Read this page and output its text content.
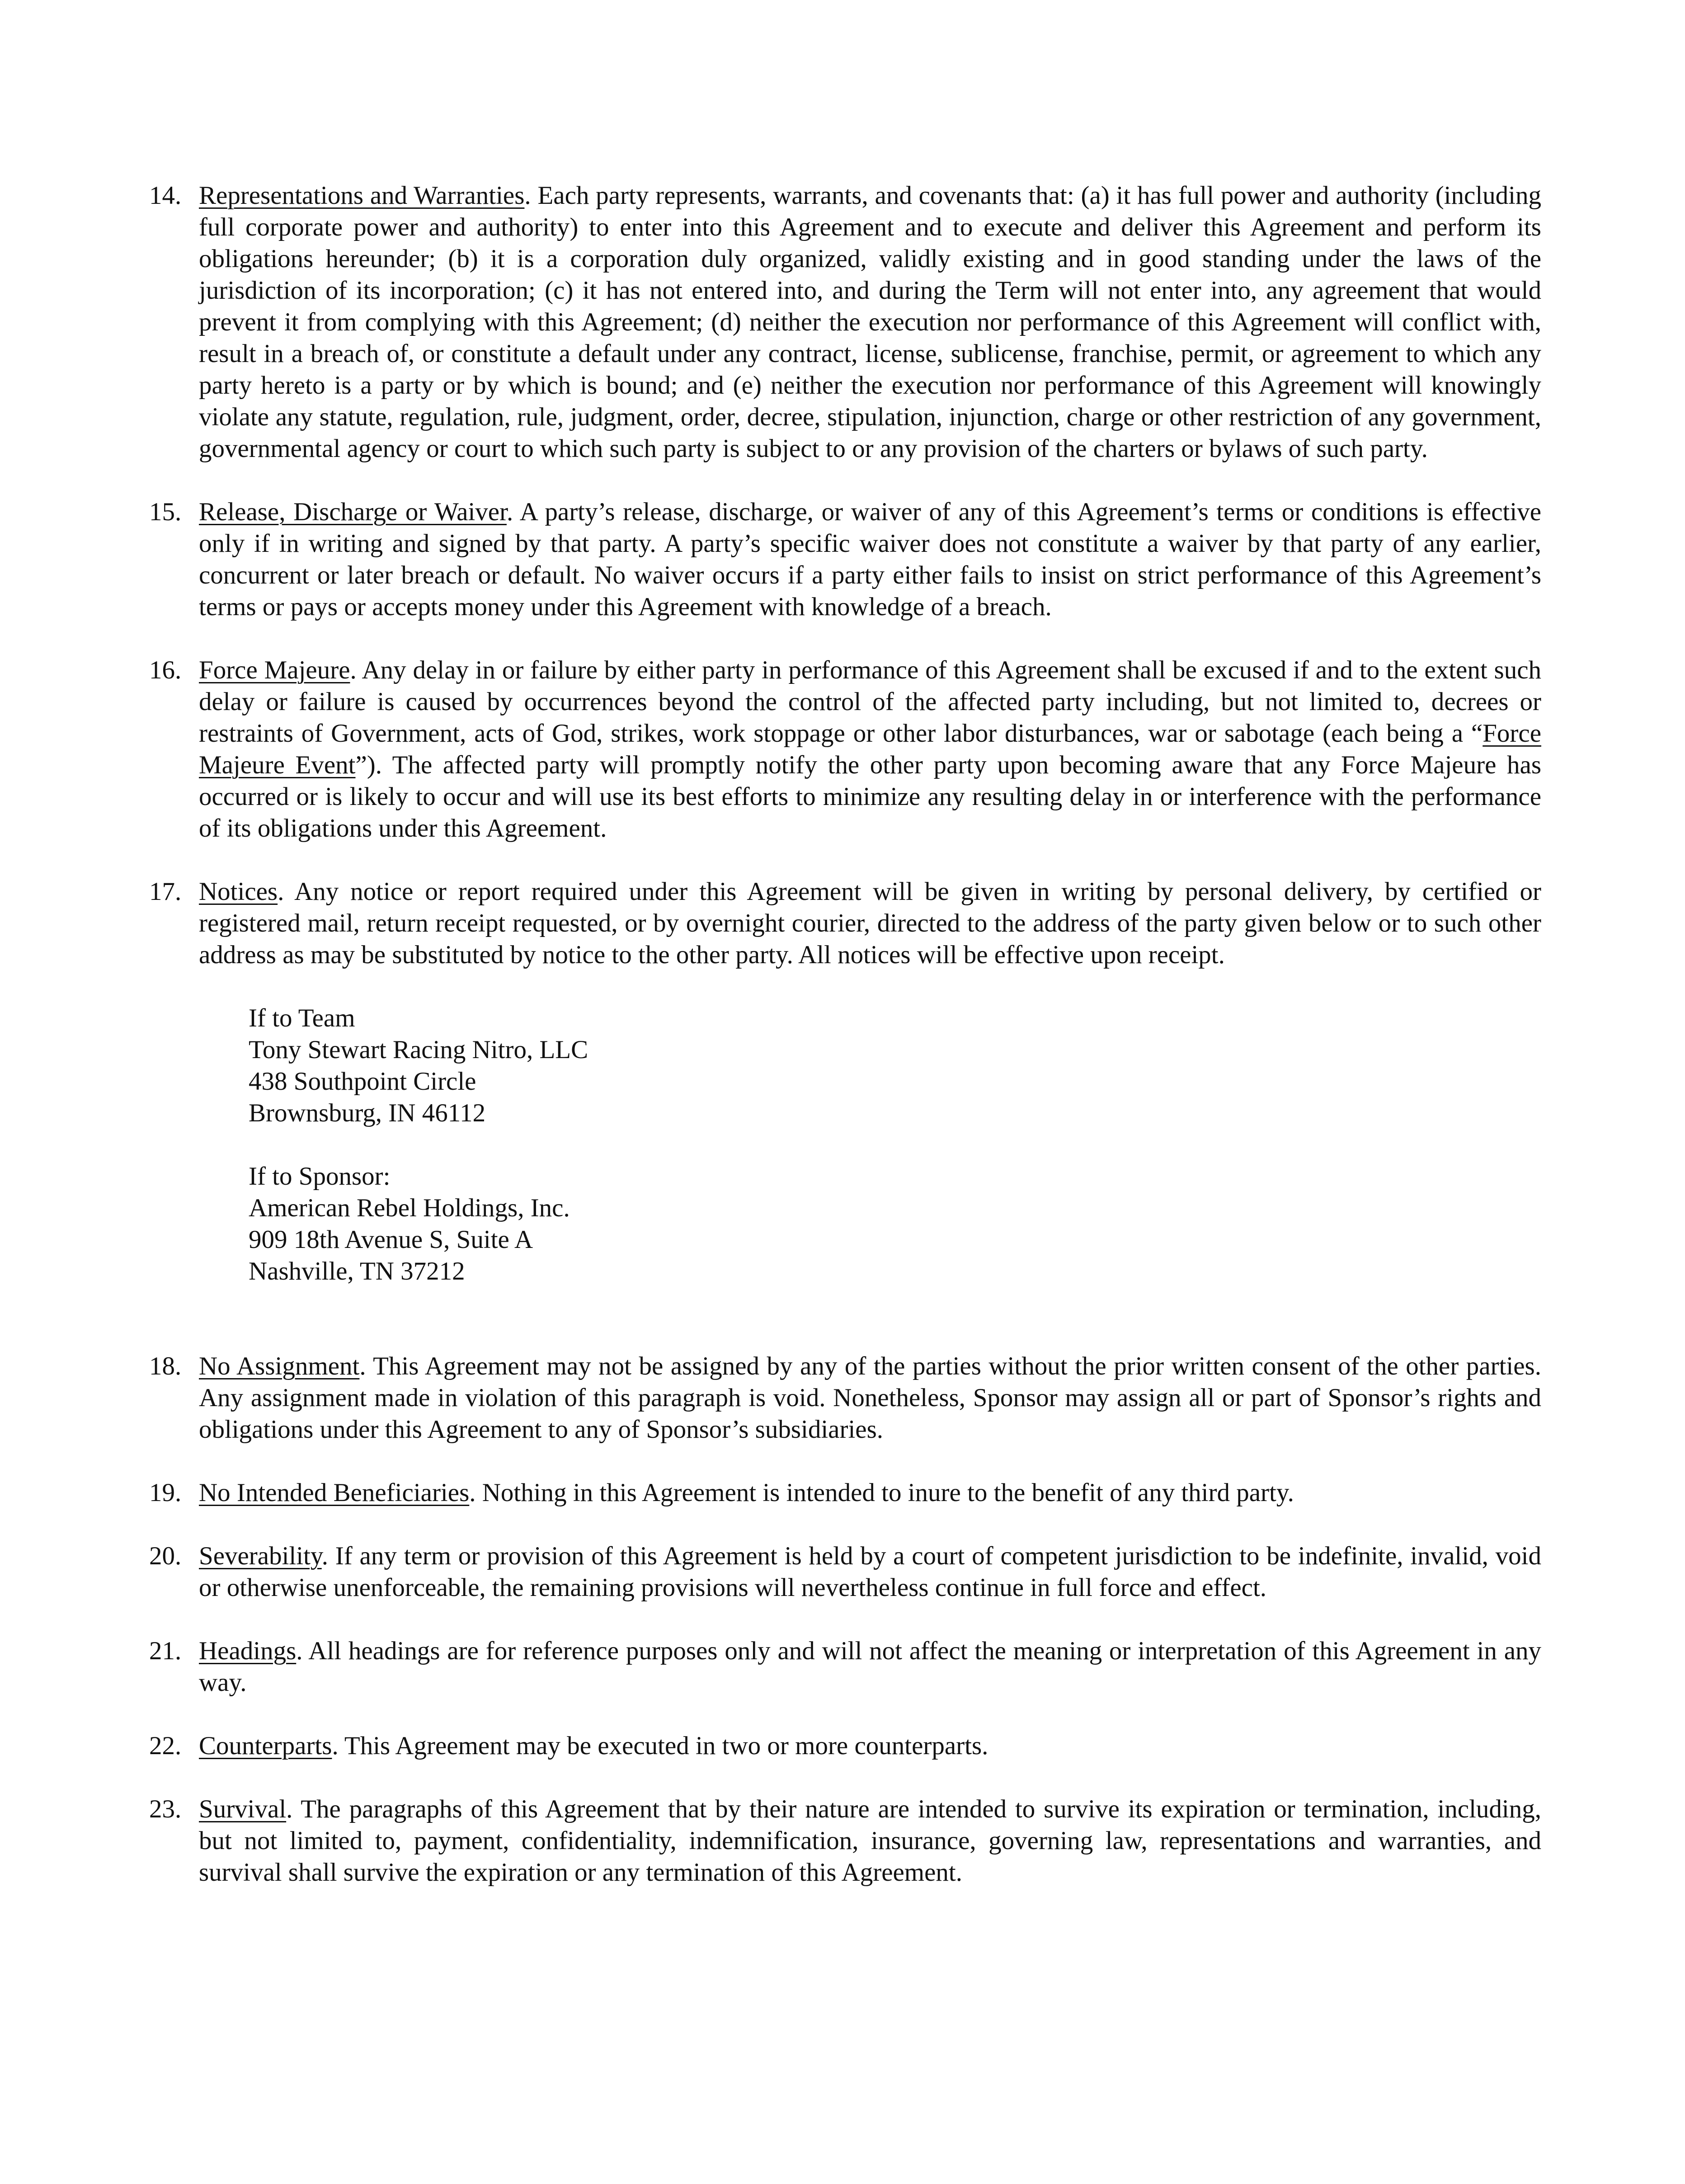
14. Representations and Warranties. Each party represents, warrants, and covenants that: (a) it has full power and authority (including full corporate power and authority) to enter into this Agreement and to execute and deliver this Agreement and perform its obligations hereunder; (b) it is a corporation duly organized, validly existing and in good standing under the laws of the jurisdiction of its incorporation; (c) it has not entered into, and during the Term will not enter into, any agreement that would prevent it from complying with this Agreement; (d) neither the execution nor performance of this Agreement will conflict with, result in a breach of, or constitute a default under any contract, license, sublicense, franchise, permit, or agreement to which any party hereto is a party or by which is bound; and (e) neither the execution nor performance of this Agreement will knowingly violate any statute, regulation, rule, judgment, order, decree, stipulation, injunction, charge or other restriction of any government, governmental agency or court to which such party is subject to or any provision of the charters or bylaws of such party.
15. Release, Discharge or Waiver. A party’s release, discharge, or waiver of any of this Agreement’s terms or conditions is effective only if in writing and signed by that party. A party’s specific waiver does not constitute a waiver by that party of any earlier, concurrent or later breach or default. No waiver occurs if a party either fails to insist on strict performance of this Agreement’s terms or pays or accepts money under this Agreement with knowledge of a breach.
16. Force Majeure. Any delay in or failure by either party in performance of this Agreement shall be excused if and to the extent such delay or failure is caused by occurrences beyond the control of the affected party including, but not limited to, decrees or restraints of Government, acts of God, strikes, work stoppage or other labor disturbances, war or sabotage (each being a “Force Majeure Event”). The affected party will promptly notify the other party upon becoming aware that any Force Majeure has occurred or is likely to occur and will use its best efforts to minimize any resulting delay in or interference with the performance of its obligations under this Agreement.
17. Notices. Any notice or report required under this Agreement will be given in writing by personal delivery, by certified or registered mail, return receipt requested, or by overnight courier, directed to the address of the party given below or to such other address as may be substituted by notice to the other party. All notices will be effective upon receipt.
If to Team
Tony Stewart Racing Nitro, LLC
438 Southpoint Circle
Brownsburg, IN 46112
If to Sponsor:
American Rebel Holdings, Inc.
909 18th Avenue S, Suite A
Nashville, TN 37212
18. No Assignment. This Agreement may not be assigned by any of the parties without the prior written consent of the other parties. Any assignment made in violation of this paragraph is void. Nonetheless, Sponsor may assign all or part of Sponsor’s rights and obligations under this Agreement to any of Sponsor’s subsidiaries.
19. No Intended Beneficiaries. Nothing in this Agreement is intended to inure to the benefit of any third party.
20. Severability. If any term or provision of this Agreement is held by a court of competent jurisdiction to be indefinite, invalid, void or otherwise unenforceable, the remaining provisions will nevertheless continue in full force and effect.
21. Headings. All headings are for reference purposes only and will not affect the meaning or interpretation of this Agreement in any way.
22. Counterparts. This Agreement may be executed in two or more counterparts.
23. Survival. The paragraphs of this Agreement that by their nature are intended to survive its expiration or termination, including, but not limited to, payment, confidentiality, indemnification, insurance, governing law, representations and warranties, and survival shall survive the expiration or any termination of this Agreement.
